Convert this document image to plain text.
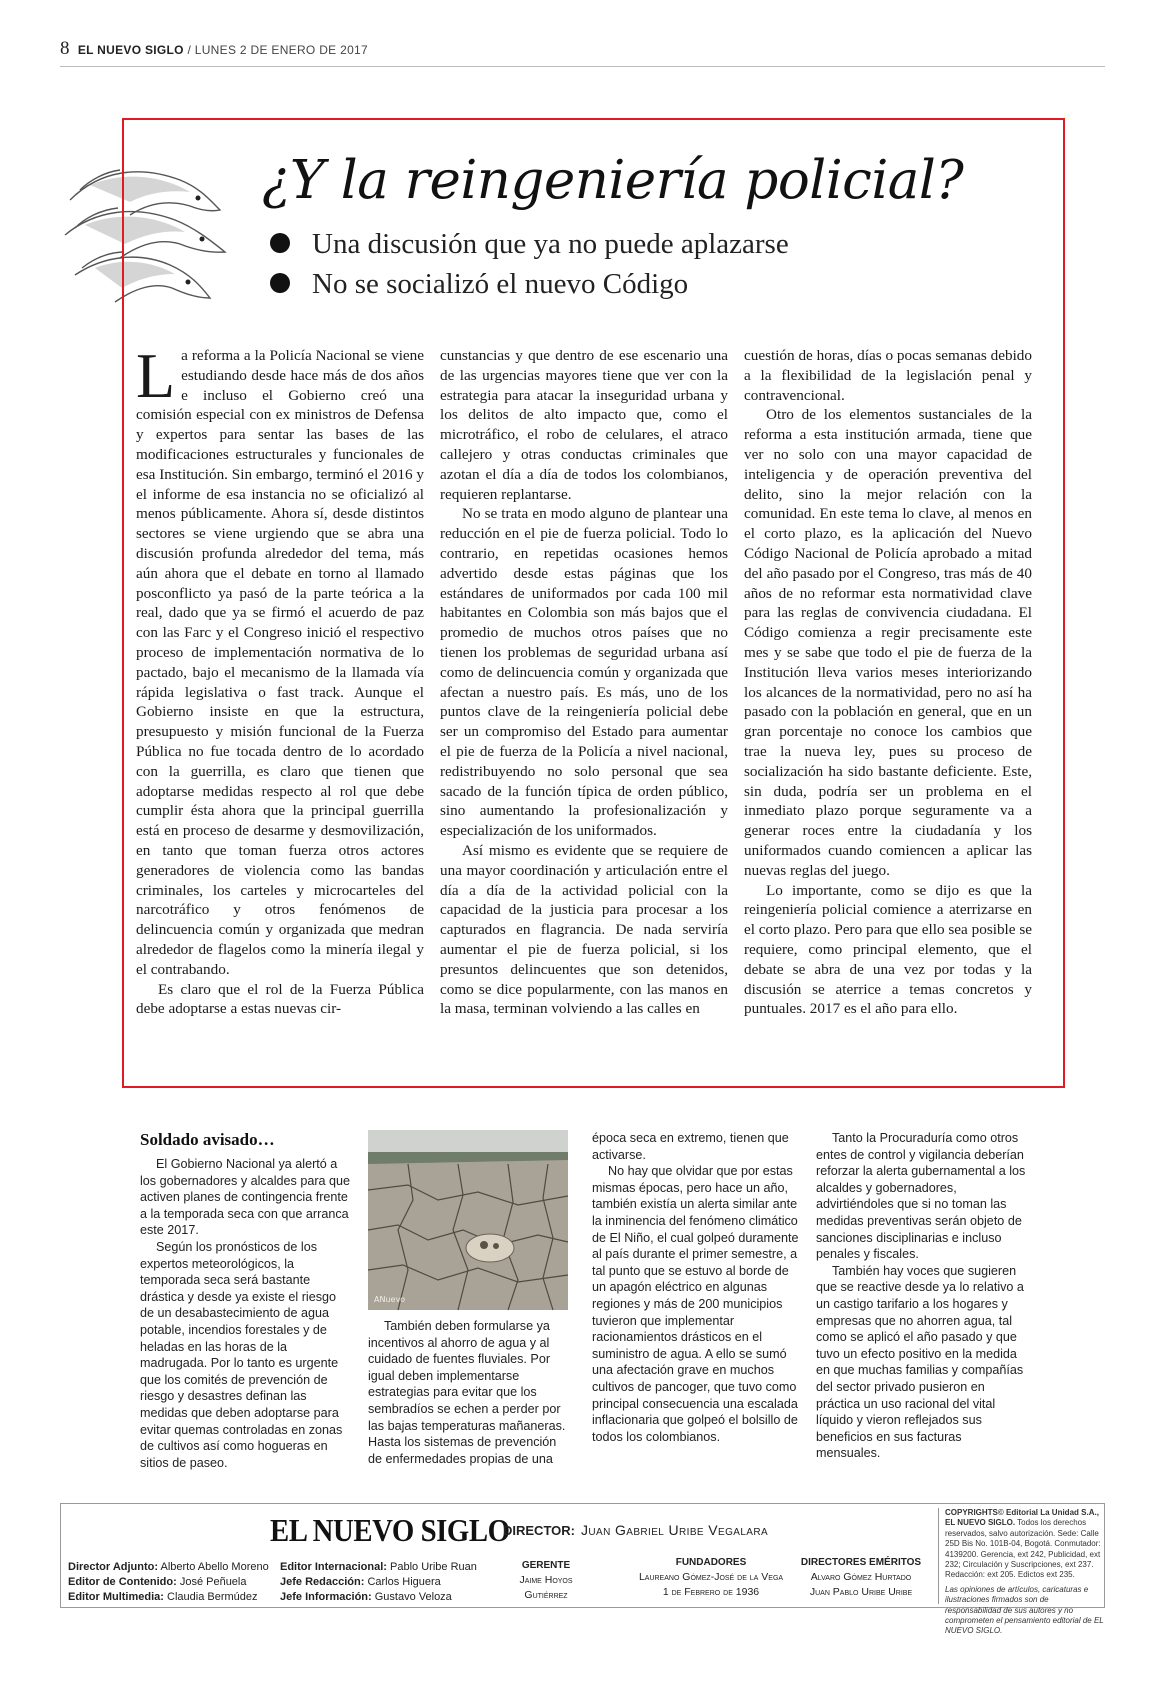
8 EL NUEVO SIGLO / LUNES 2 DE ENERO DE 2017
¿Y la reingeniería policial?
Una discusión que ya no puede aplazarse
No se socializó el nuevo Código

La reforma a la Policía Nacional se viene estudiando desde hace más de dos años e incluso el Gobierno creó una comisión especial con ex ministros de Defensa y expertos para sentar las bases de las modificaciones estructurales y funcionales de esa Institución. Sin embargo, terminó el 2016 y el informe de esa instancia no se oficializó al menos públicamente. Ahora sí, desde distintos sectores se viene urgiendo que se abra una discusión profunda alrededor del tema, más aún ahora que el debate en torno al llamado posconflicto ya pasó de la parte teórica a la real, dado que ya se firmó el acuerdo de paz con las Farc y el Congreso inició el respectivo proceso de implementación normativa de lo pactado, bajo el mecanismo de la llamada vía rápida legislativa o fast track. Aunque el Gobierno insiste en que la estructura, presupuesto y misión funcional de la Fuerza Pública no fue tocada dentro de lo acordado con la guerrilla, es claro que tienen que adoptarse medidas respecto al rol que debe cumplir ésta ahora que la principal guerrilla está en proceso de desarme y desmovilización, en tanto que toman fuerza otros actores generadores de violencia como las bandas criminales, los carteles y microcarteles del narcotráfico y otros fenómenos de delincuencia común y organizada que medran alrededor de flagelos como la minería ilegal y el contrabando.

Es claro que el rol de la Fuerza Pública debe adoptarse a estas nuevas cir-

cunstancias y que dentro de ese escenario una de las urgencias mayores tiene que ver con la estrategia para atacar la inseguridad urbana y los delitos de alto impacto que, como el microtráfico, el robo de celulares, el atraco callejero y otras conductas criminales que azotan el día a día de todos los colombianos, requieren replantarse.

No se trata en modo alguno de plantear una reducción en el pie de fuerza policial. Todo lo contrario, en repetidas ocasiones hemos advertido desde estas páginas que los estándares de uniformados por cada 100 mil habitantes en Colombia son más bajos que el promedio de muchos otros países que no tienen los problemas de seguridad urbana así como de delincuencia común y organizada que afectan a nuestro país. Es más, uno de los puntos clave de la reingeniería policial debe ser un compromiso del Estado para aumentar el pie de fuerza de la Policía a nivel nacional, redistribuyendo no solo personal que sea sacado de la función típica de orden público, sino aumentando la profesionalización y especialización de los uniformados.

Así mismo es evidente que se requiere de una mayor coordinación y articulación entre el día a día de la actividad policial con la capacidad de la justicia para procesar a los capturados en flagrancia. De nada serviría aumentar el pie de fuerza policial, si los presuntos delincuentes que son detenidos, como se dice popularmente, con las manos en la masa, terminan volviendo a las calles en

cuestión de horas, días o pocas semanas debido a la flexibilidad de la legislación penal y contravencional.

Otro de los elementos sustanciales de la reforma a esta institución armada, tiene que ver no solo con una mayor capacidad de inteligencia y de operación preventiva del delito, sino la mejor relación con la comunidad. En este tema lo clave, al menos en el corto plazo, es la aplicación del Nuevo Código Nacional de Policía aprobado a mitad del año pasado por el Congreso, tras más de 40 años de no reformar esta normatividad clave para las reglas de convivencia ciudadana. El Código comienza a regir precisamente este mes y se sabe que todo el pie de fuerza de la Institución lleva varios meses interiorizando los alcances de la normatividad, pero no así ha pasado con la población en general, que en un gran porcentaje no conoce los cambios que trae la nueva ley, pues su proceso de socialización ha sido bastante deficiente. Este, sin duda, podría ser un problema en el inmediato plazo porque seguramente va a generar roces entre la ciudadanía y los uniformados cuando comiencen a aplicar las nuevas reglas del juego.

Lo importante, como se dijo es que la reingeniería policial comience a aterrizarse en el corto plazo. Pero para que ello sea posible se requiere, como principal elemento, que el debate se abra de una vez por todas y la discusión se aterrice a temas concretos y puntuales. 2017 es el año para ello.

Soldado avisado…

El Gobierno Nacional ya alertó a los gobernadores y alcaldes para que activen planes de contingencia frente a la temporada seca con que arranca este 2017.

Según los pronósticos de los expertos meteorológicos, la temporada seca será bastante drástica y desde ya existe el riesgo de un desabastecimiento de agua potable, incendios forestales y de heladas en las horas de la madrugada. Por lo tanto es urgente que los comités de prevención de riesgo y desastres definan las medidas que deben adoptarse para evitar quemas controladas en zonas de cultivos así como hogueras en sitios de paseo.

ANuevo

También deben formularse ya incentivos al ahorro de agua y al cuidado de fuentes fluviales. Por igual deben implementarse estrategias para evitar que los sembradíos se echen a perder por las bajas temperaturas mañaneras. Hasta los sistemas de prevención de enfermedades propias de una

época seca en extremo, tienen que activarse.

No hay que olvidar que por estas mismas épocas, pero hace un año, también existía un alerta similar ante la inminencia del fenómeno climático de El Niño, el cual golpeó duramente al país durante el primer semestre, a tal punto que se estuvo al borde de un apagón eléctrico en algunas regiones y más de 200 municipios tuvieron que implementar racionamientos drásticos en el suministro de agua. A ello se sumó una afectación grave en muchos cultivos de pancoger, que tuvo como principal consecuencia una escalada inflacionaria que golpeó el bolsillo de todos los colombianos.

Tanto la Procuraduría como otros entes de control y vigilancia deberían reforzar la alerta gubernamental a los alcaldes y gobernadores, advirtiéndoles que si no toman las medidas preventivas serán objeto de sanciones disciplinarias e incluso penales y fiscales.

También hay voces que sugieren que se reactive desde ya lo relativo a un castigo tarifario a los hogares y empresas que no ahorren agua, tal como se aplicó el año pasado y que tuvo un efecto positivo en la medida en que muchas familias y compañías del sector privado pusieron en práctica un uso racional del vital líquido y vieron reflejados sus beneficios en sus facturas mensuales.

EL NUEVO SIGLO
DIRECTOR: Juan Gabriel Uribe Vegalara
Director Adjunto: Alberto Abello Moreno
Editor de Contenido: José Peñuela
Editor Multimedia: Claudia Bermúdez
Editor Internacional: Pablo Uribe Ruan
Jefe Redacción: Carlos Higuera
Jefe Información: Gustavo Veloza
GERENTE
Jaime Hoyos
Gutiérrez
FUNDADORES
Laureano Gómez-José de la Vega
1 de Febrero de 1936
DIRECTORES EMÉRITOS
Alvaro Gómez Hurtado
Juan Pablo Uribe Uribe
COPYRIGHTS© Editorial La Unidad S.A., EL NUEVO SIGLO. Todos los derechos reservados, salvo autorización. Sede: Calle 25D Bis No. 101B-04, Bogotá. Conmutador: 4139200. Gerencia, ext 242, Publicidad, ext 232; Circulación y Suscripciones, ext 237. Redacción: ext 205. Edictos ext 235.
Las opiniones de artículos, caricaturas e ilustraciones firmados son de responsabilidad de sus autores y no comprometen el pensamiento editorial de EL NUEVO SIGLO.
